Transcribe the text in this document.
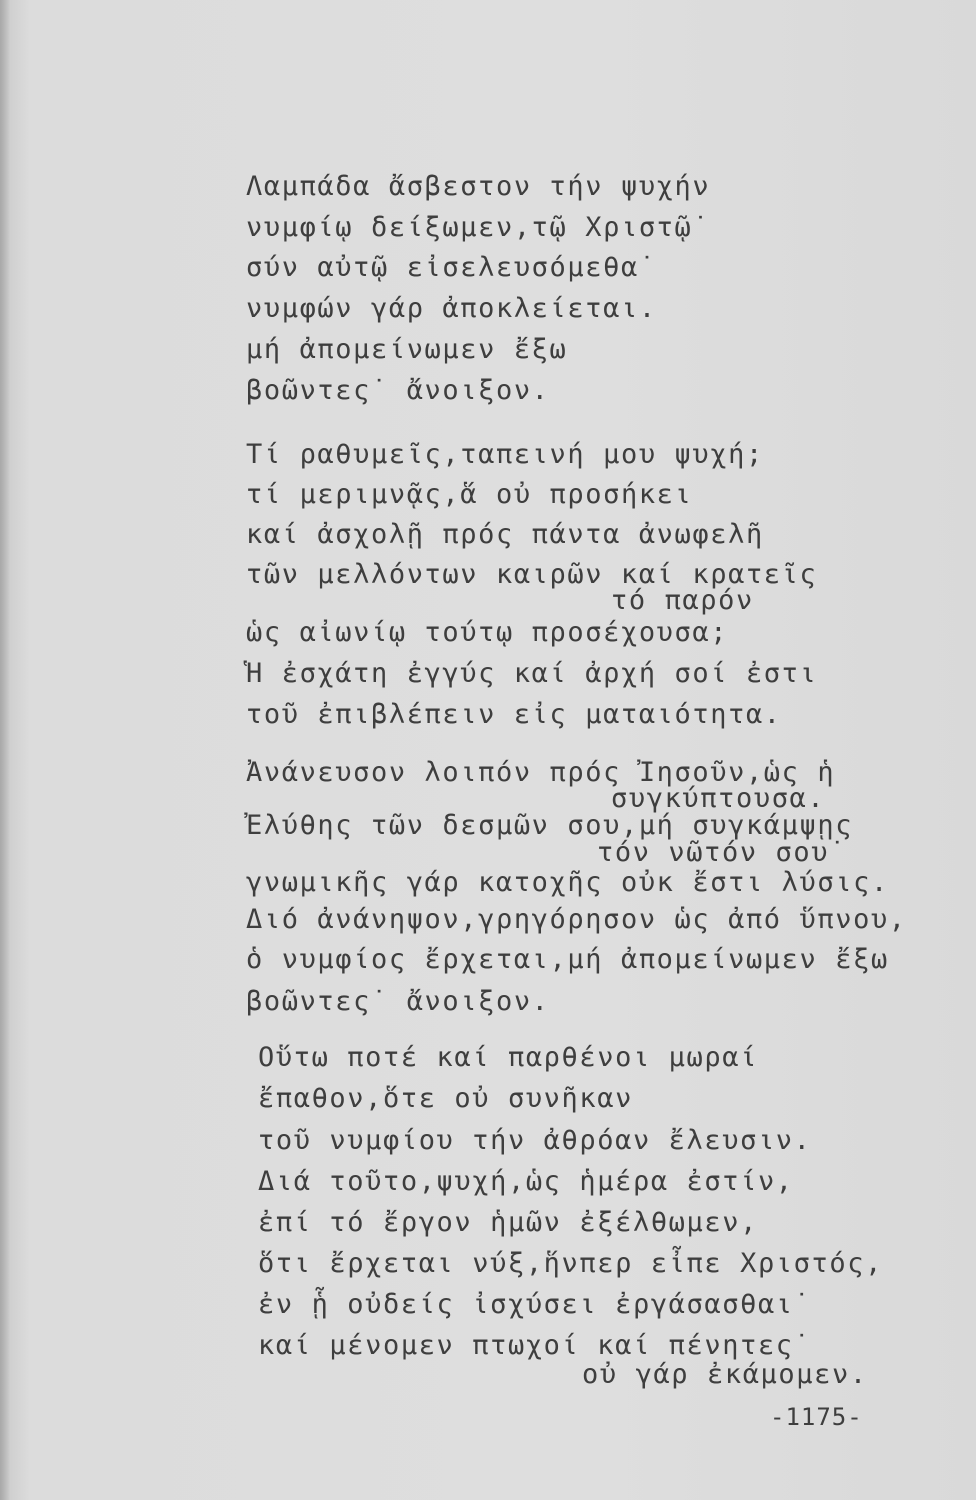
Λαμπάδα ἄσβεστον τήν ψυχήν

νυμφίῳ δείξωμεν,τῷ Χριστῷ˙

σύν αὐτῷ εἰσελευσόμεθα˙

νυμφών γάρ ἀποκλείεται.

μή ἀπομείνωμεν ἔξω

βοῶντες˙ ἄνοιξον.

Τί ραθυμεῖς,ταπεινή μου ψυχή;

τί μεριμνᾷς,ἅ οὐ προσήκει

καί ἀσχολῇ πρός πάντα ἀνωφελῆ

τῶν μελλόντων καιρῶν καί κρατεῖς

τό παρόν

ὡς αἰωνίῳ τούτῳ προσέχουσα;

Ἡ ἐσχάτη ἐγγύς καί ἀρχή σοί ἐστι

τοῦ ἐπιβλέπειν εἰς ματαιότητα.

Ἀνάνευσον λοιπόν πρός Ἰησοῦν,ὡς ἡ

συγκύπτουσα.

Ἐλύθης τῶν δεσμῶν σου,μή συγκάμψῃς

τόν νῶτόν σου˙

γνωμικῆς γάρ κατοχῆς οὐκ ἔστι λύσις.

Διό ἀνάνηψον,γρηγόρησον ὡς ἀπό ὕπνου,

ὁ νυμφίος ἔρχεται,μή ἀπομείνωμεν ἔξω

βοῶντες˙ ἄνοιξον.

Οὕτω ποτέ καί παρθένοι μωραί

ἔπαθον,ὅτε οὐ συνῆκαν

τοῦ νυμφίου τήν ἀθρόαν ἔλευσιν.

Διά τοῦτο,ψυχή,ὡς ἡμέρα ἐστίν,

ἐπί τό ἔργον ἡμῶν ἐξέλθωμεν,

ὅτι ἔρχεται νύξ,ἥνπερ εἶπε Χριστός,

ἐν ᾗ οὐδείς ἰσχύσει ἐργάσασθαι˙

καί μένομεν πτωχοί καί πένητες˙

οὐ γάρ ἐκάμομεν.

-1175-
